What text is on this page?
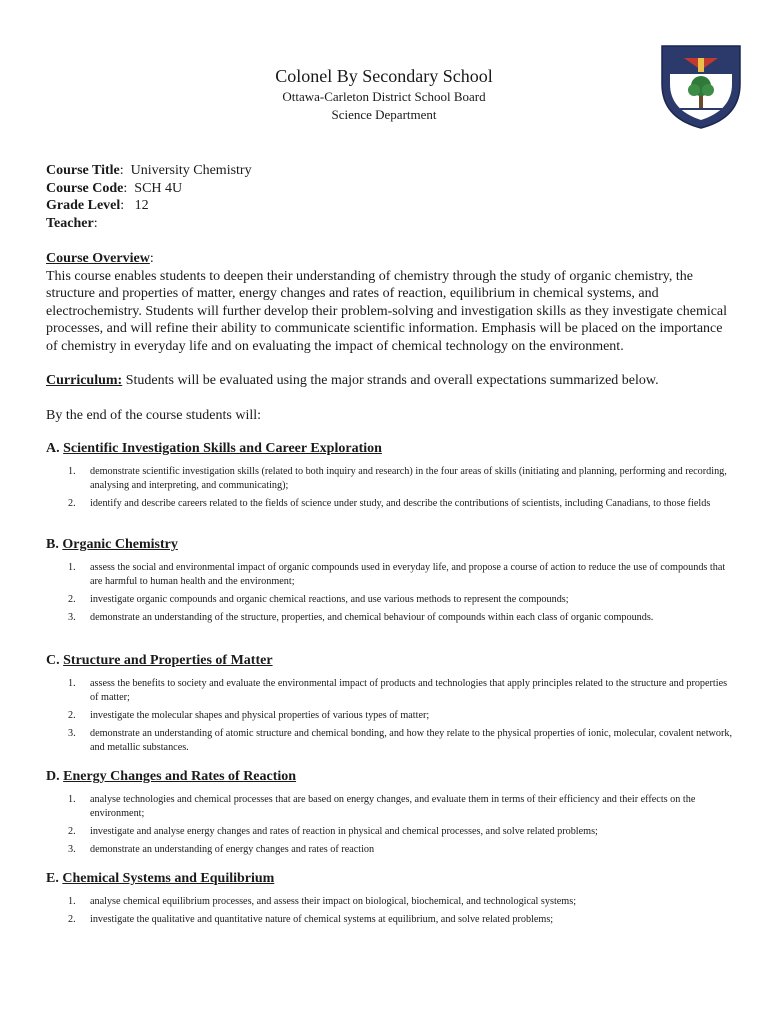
Colonel By Secondary School
Ottawa-Carleton District School Board
Science Department
Course Title:  University Chemistry
Course Code:  SCH 4U
Grade Level:   12
Teacher:
Course Overview:
This course enables students to deepen their understanding of chemistry through the study of organic chemistry, the structure and properties of matter, energy changes and rates of reaction, equilibrium in chemical systems, and electrochemistry. Students will further develop their problem-solving and investigation skills as they investigate chemical processes, and will refine their ability to communicate scientific information. Emphasis will be placed on the importance of chemistry in everyday life and on evaluating the impact of chemical technology on the environment.
Curriculum: Students will be evaluated using the major strands and overall expectations summarized below.
By the end of the course students will:
A. Scientific Investigation Skills and Career Exploration
1. demonstrate scientific investigation skills (related to both inquiry and research) in the four areas of skills (initiating and planning, performing and recording, analysing and interpreting, and communicating);
2. identify and describe careers related to the fields of science under study, and describe the contributions of scientists, including Canadians, to those fields
B. Organic Chemistry
1. assess the social and environmental impact of organic compounds used in everyday life, and propose a course of action to reduce the use of compounds that are harmful to human health and the environment;
2. investigate organic compounds and organic chemical reactions, and use various methods to represent the compounds;
3. demonstrate an understanding of the structure, properties, and chemical behaviour of compounds within each class of organic compounds.
C. Structure and Properties of Matter
1. assess the benefits to society and evaluate the environmental impact of products and technologies that apply principles related to the structure and properties of matter;
2. investigate the molecular shapes and physical properties of various types of matter;
3. demonstrate an understanding of atomic structure and chemical bonding, and how they relate to the physical properties of ionic, molecular, covalent network, and metallic substances.
D. Energy Changes and Rates of Reaction
1. analyse technologies and chemical processes that are based on energy changes, and evaluate them in terms of their efficiency and their effects on the environment;
2. investigate and analyse energy changes and rates of reaction in physical and chemical processes, and solve related problems;
3. demonstrate an understanding of energy changes and rates of reaction
E. Chemical Systems and Equilibrium
1. analyse chemical equilibrium processes, and assess their impact on biological, biochemical, and technological systems;
2. investigate the qualitative and quantitative nature of chemical systems at equilibrium, and solve related problems;
